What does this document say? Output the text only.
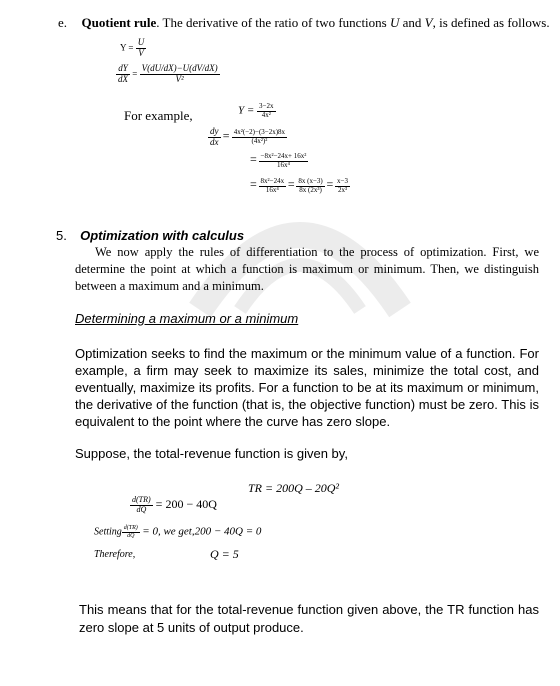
e. Quotient rule. The derivative of the ratio of two functions U and V, is defined as follows.
$Y = \frac{U}{V}$
$\frac{dY}{dX} = \frac{V(dU/dX)-U(dV/dX)}{\text{V²}}$
For example,	$Y = \frac{3-2x}{\text{4x²}}$
$\frac{dy}{dx} = \frac{\text{4x²(−2)−(3−2x)8x}}{\text{(4x²)²}}$
= $\frac{\text{−8x²−24x+ 16x²}}{\text{16x⁴}}$
= $\frac{\text{8x²−24x}}{\text{16x⁴}} = \frac{8x (x-3)}{\text{8x (2x³)}} = \frac{x-3}{\text{2x³}}$
5. Optimization with calculus
We now apply the rules of differentiation to the process of optimization. First, we
determine the point at which a function is maximum or minimum. Then, we distinguish
between a maximum and a minimum.
Determining a maximum or a minimum
Optimization seeks to find the maximum or the minimum value of a function. For
example, a firm may seek to maximize its sales, minimize the total cost, and
eventually, maximize its profits. For a function to be at its maximum or minimum,
the derivative of the function (that is, the objective function) must be zero. This is
equivalent to the point where the curve has zero slope.
Suppose, the total-revenue function is given by,
TR = 200Q – 20Q²
$\frac{d(TR)}{dQ} = 200 - 40Q$
Setting $\frac{d(TR)}{dQ} = 0$, we get,200 − 40Q = 0
Therefore,	Q = 5
This means that for the total-revenue function given above, the TR function has
zero slope at 5 units of output produce.
